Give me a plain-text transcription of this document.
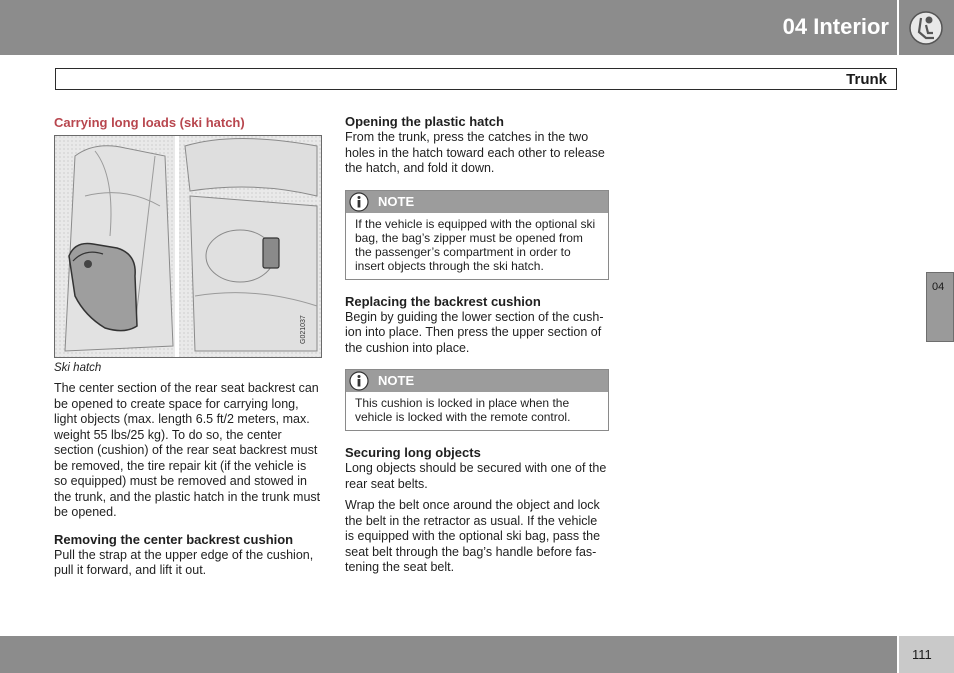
04 Interior
Trunk
04
Carrying long loads (ski hatch)
G021037
Ski hatch

The center section of the rear seat backrest can be opened to create space for carrying long, light objects (max. length 6.5 ft/2 meters, max. weight 55 lbs/25 kg). To do so, the center section (cushion) of the rear seat backrest must be removed, the tire repair kit (if the vehicle is so equipped) must be removed and stowed in the trunk, and the plastic hatch in the trunk must be opened.

Removing the center backrest cushion

Pull the strap at the upper edge of the cushion, pull it forward, and lift it out.

Opening the plastic hatch

From the trunk, press the catches in the two holes in the hatch toward each other to release the hatch, and fold it down.

NOTE
If the vehicle is equipped with the optional ski bag, the bag’s zipper must be opened from the passenger’s compartment in order to insert objects through the ski hatch.
Replacing the backrest cushion

Begin by guiding the lower section of the cush-ion into place. Then press the upper section of the cushion into place.

NOTE
This cushion is locked in place when the vehicle is locked with the remote control.
Securing long objects

Long objects should be secured with one of the rear seat belts.

Wrap the belt once around the object and lock the belt in the retractor as usual. If the vehicle is equipped with the optional ski bag, pass the seat belt through the bag’s handle before fas-tening the seat belt.

111
